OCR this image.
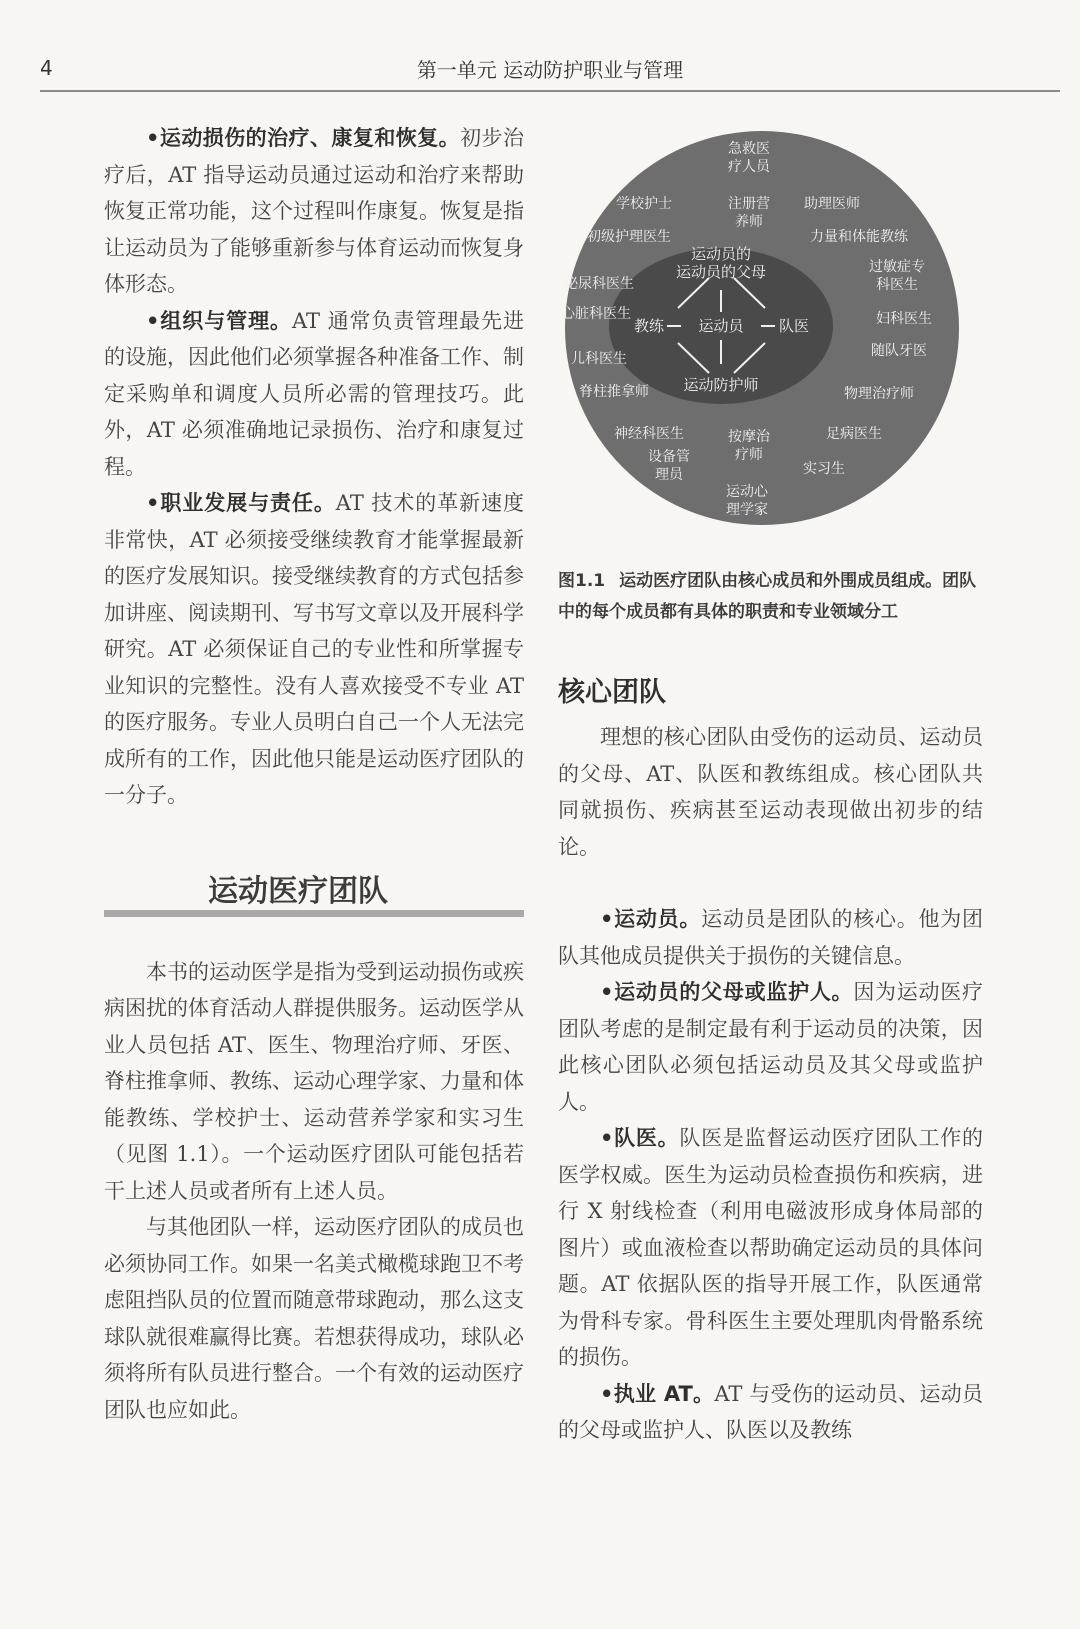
4	第一单元 运动防护职业与管理

•运动损伤的治疗、康复和恢复。初步治疗后，AT 指导运动员通过运动和治疗来帮助恢复正常功能，这个过程叫作康复。恢复是指让运动员为了能够重新参与体育运动而恢复身体形态。

•组织与管理。AT 通常负责管理最先进的设施，因此他们必须掌握各种准备工作、制定采购单和调度人员所必需的管理技巧。此外，AT 必须准确地记录损伤、治疗和康复过程。

•职业发展与责任。AT 技术的革新速度非常快，AT 必须接受继续教育才能掌握最新的医疗发展知识。接受继续教育的方式包括参加讲座、阅读期刊、写书写文章以及开展科学研究。AT 必须保证自己的专业性和所掌握专业知识的完整性。没有人喜欢接受不专业 AT 的医疗服务。专业人员明白自己一个人无法完成所有的工作，因此他只能是运动医疗团队的一分子。

运动医疗团队

本书的运动医学是指为受到运动损伤或疾病困扰的体育活动人群提供服务。运动医学从业人员包括 AT、医生、物理治疗师、牙医、脊柱推拿师、教练、运动心理学家、力量和体能教练、学校护士、运动营养学家和实习生（见图 1.1）。一个运动医疗团队可能包括若干上述人员或者所有上述人员。

与其他团队一样，运动医疗团队的成员也必须协同工作。如果一名美式橄榄球跑卫不考虑阻挡队员的位置而随意带球跑动，那么这支球队就很难赢得比赛。若想获得成功，球队必须将所有队员进行整合。一个有效的运动医疗团队也应如此。

运动员的运动员的父母
教练 运动员 队医
运动防护师
急救医疗人员
学校护士	注册营养师
助理医师
初级护理医生	力量和体能教练
泌尿科医生
过敏症专科医生
心脏科医生	妇科医生
儿科医生	随队牙医
脊柱推拿师	物理治疗师
神经科医生	按摩治疗师
足病医生
设备管理员	实习生
运动心理学家
图1.1 运动医疗团队由核心成员和外围成员组成。团队中的每个成员都有具体的职责和专业领域分工
核心团队

理想的核心团队由受伤的运动员、运动员的父母、AT、队医和教练组成。核心团队共同就损伤、疾病甚至运动表现做出初步的结论。

•运动员。运动员是团队的核心。他为团队其他成员提供关于损伤的关键信息。

•运动员的父母或监护人。因为运动医疗团队考虑的是制定最有利于运动员的决策，因此核心团队必须包括运动员及其父母或监护人。

•队医。队医是监督运动医疗团队工作的医学权威。医生为运动员检查损伤和疾病，进行 X 射线检查（利用电磁波形成身体局部的图片）或血液检查以帮助确定运动员的具体问题。AT 依据队医的指导开展工作，队医通常为骨科专家。骨科医生主要处理肌肉骨骼系统的损伤。

•执业 AT。AT 与受伤的运动员、运动员的父母或监护人、队医以及教练
